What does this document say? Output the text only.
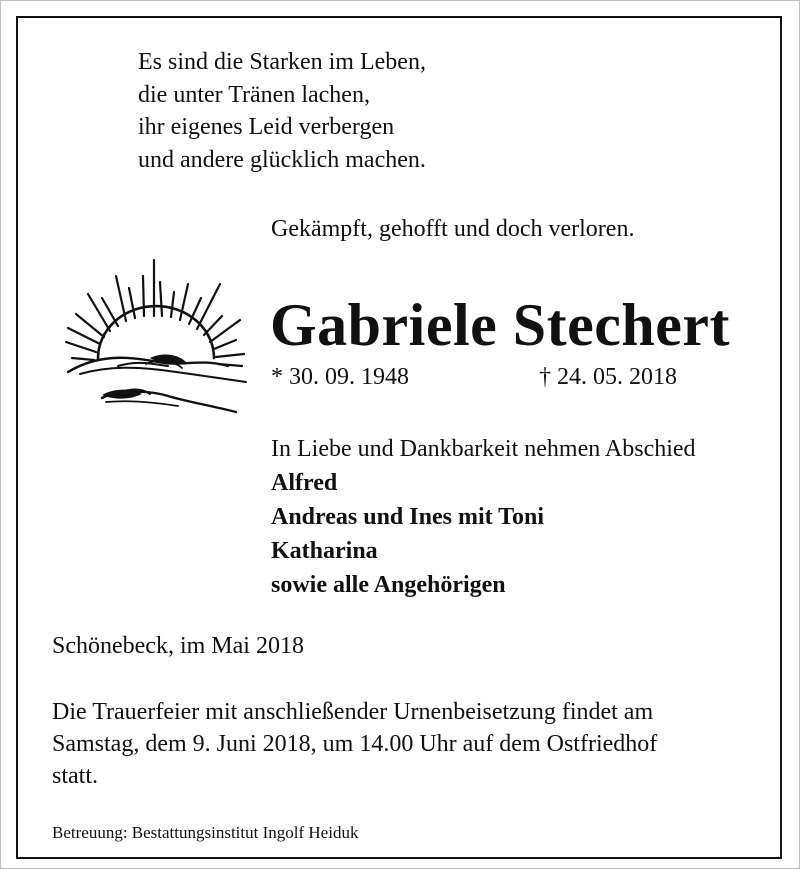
Es sind die Starken im Leben,
die unter Tränen lachen,
ihr eigenes Leid verbergen
und andere glücklich machen.
Gekämpft, gehofft und doch verloren.
Gabriele Stechert
* 30. 09. 1948	† 24. 05. 2018
In Liebe und Dankbarkeit nehmen Abschied
Alfred
Andreas und Ines mit Toni
Katharina
sowie alle Angehörigen
Schönebeck, im Mai 2018
Die Trauerfeier mit anschließender Urnenbeisetzung findet am
Samstag, dem 9. Juni 2018, um 14.00 Uhr auf dem Ostfriedhof
statt.
Betreuung: Bestattungsinstitut Ingolf Heiduk
